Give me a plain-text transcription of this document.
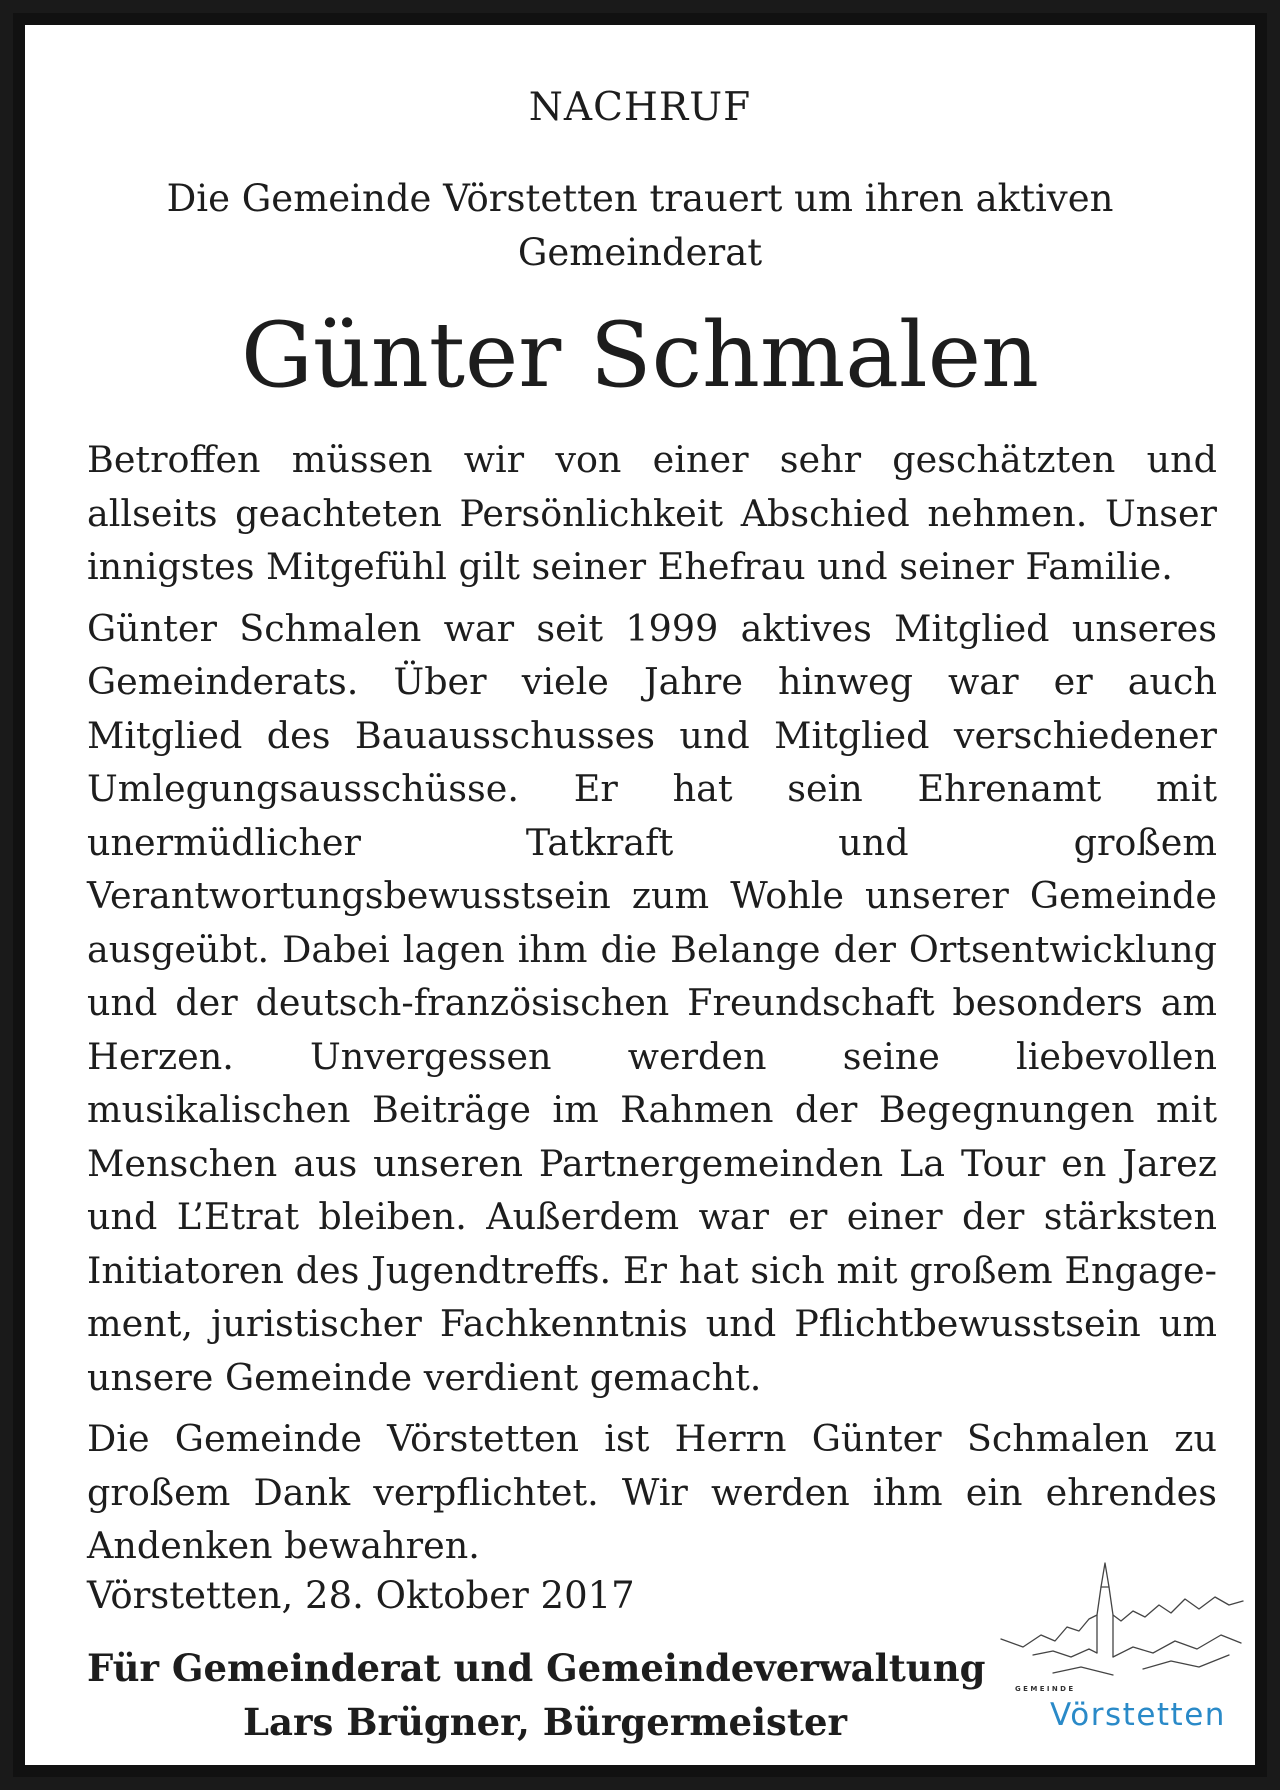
NACHRUF
Die Gemeinde Vörstetten trauert um ihren aktiven Gemeinderat
Günter Schmalen

Betroffen müssen wir von einer sehr geschätzten und allseits geachteten Persönlichkeit Abschied nehmen. Unser innigstes Mitgefühl gilt seiner Ehefrau und seiner Familie.

Günter Schmalen war seit 1999 aktives Mitglied unseres Gemeinderats. Über viele Jahre hinweg war er auch Mitglied des Bauausschusses und Mitglied verschiedener Umlegungsausschüsse. Er hat sein Ehrenamt mit unermüdlicher Tatkraft und großem Verantwortungsbewusstsein zum Wohle unserer Gemeinde ausgeübt. Dabei lagen ihm die Belange der Ortsentwicklung und der deutsch-französischen Freundschaft besonders am Herzen. Unvergessen werden seine liebevollen musikalischen Beiträge im Rahmen der Begegnungen mit Menschen aus unseren Partnergemeinden La Tour en Jarez und L’Etrat bleiben. Außerdem war er einer der stärksten Initiatoren des Jugendtreffs. Er hat sich mit großem Engagement, juristischer Fachkenntnis und Pflichtbewusstsein um unsere Gemeinde verdient gemacht.

Die Gemeinde Vörstetten ist Herrn Günter Schmalen zu großem Dank verpflichtet. Wir werden ihm ein ehrendes Andenken bewahren.

Vörstetten, 28. Oktober 2017
Für Gemeinderat und Gemeindeverwaltung
Lars Brügner, Bürgermeister
GEMEINDE
Vörstetten
